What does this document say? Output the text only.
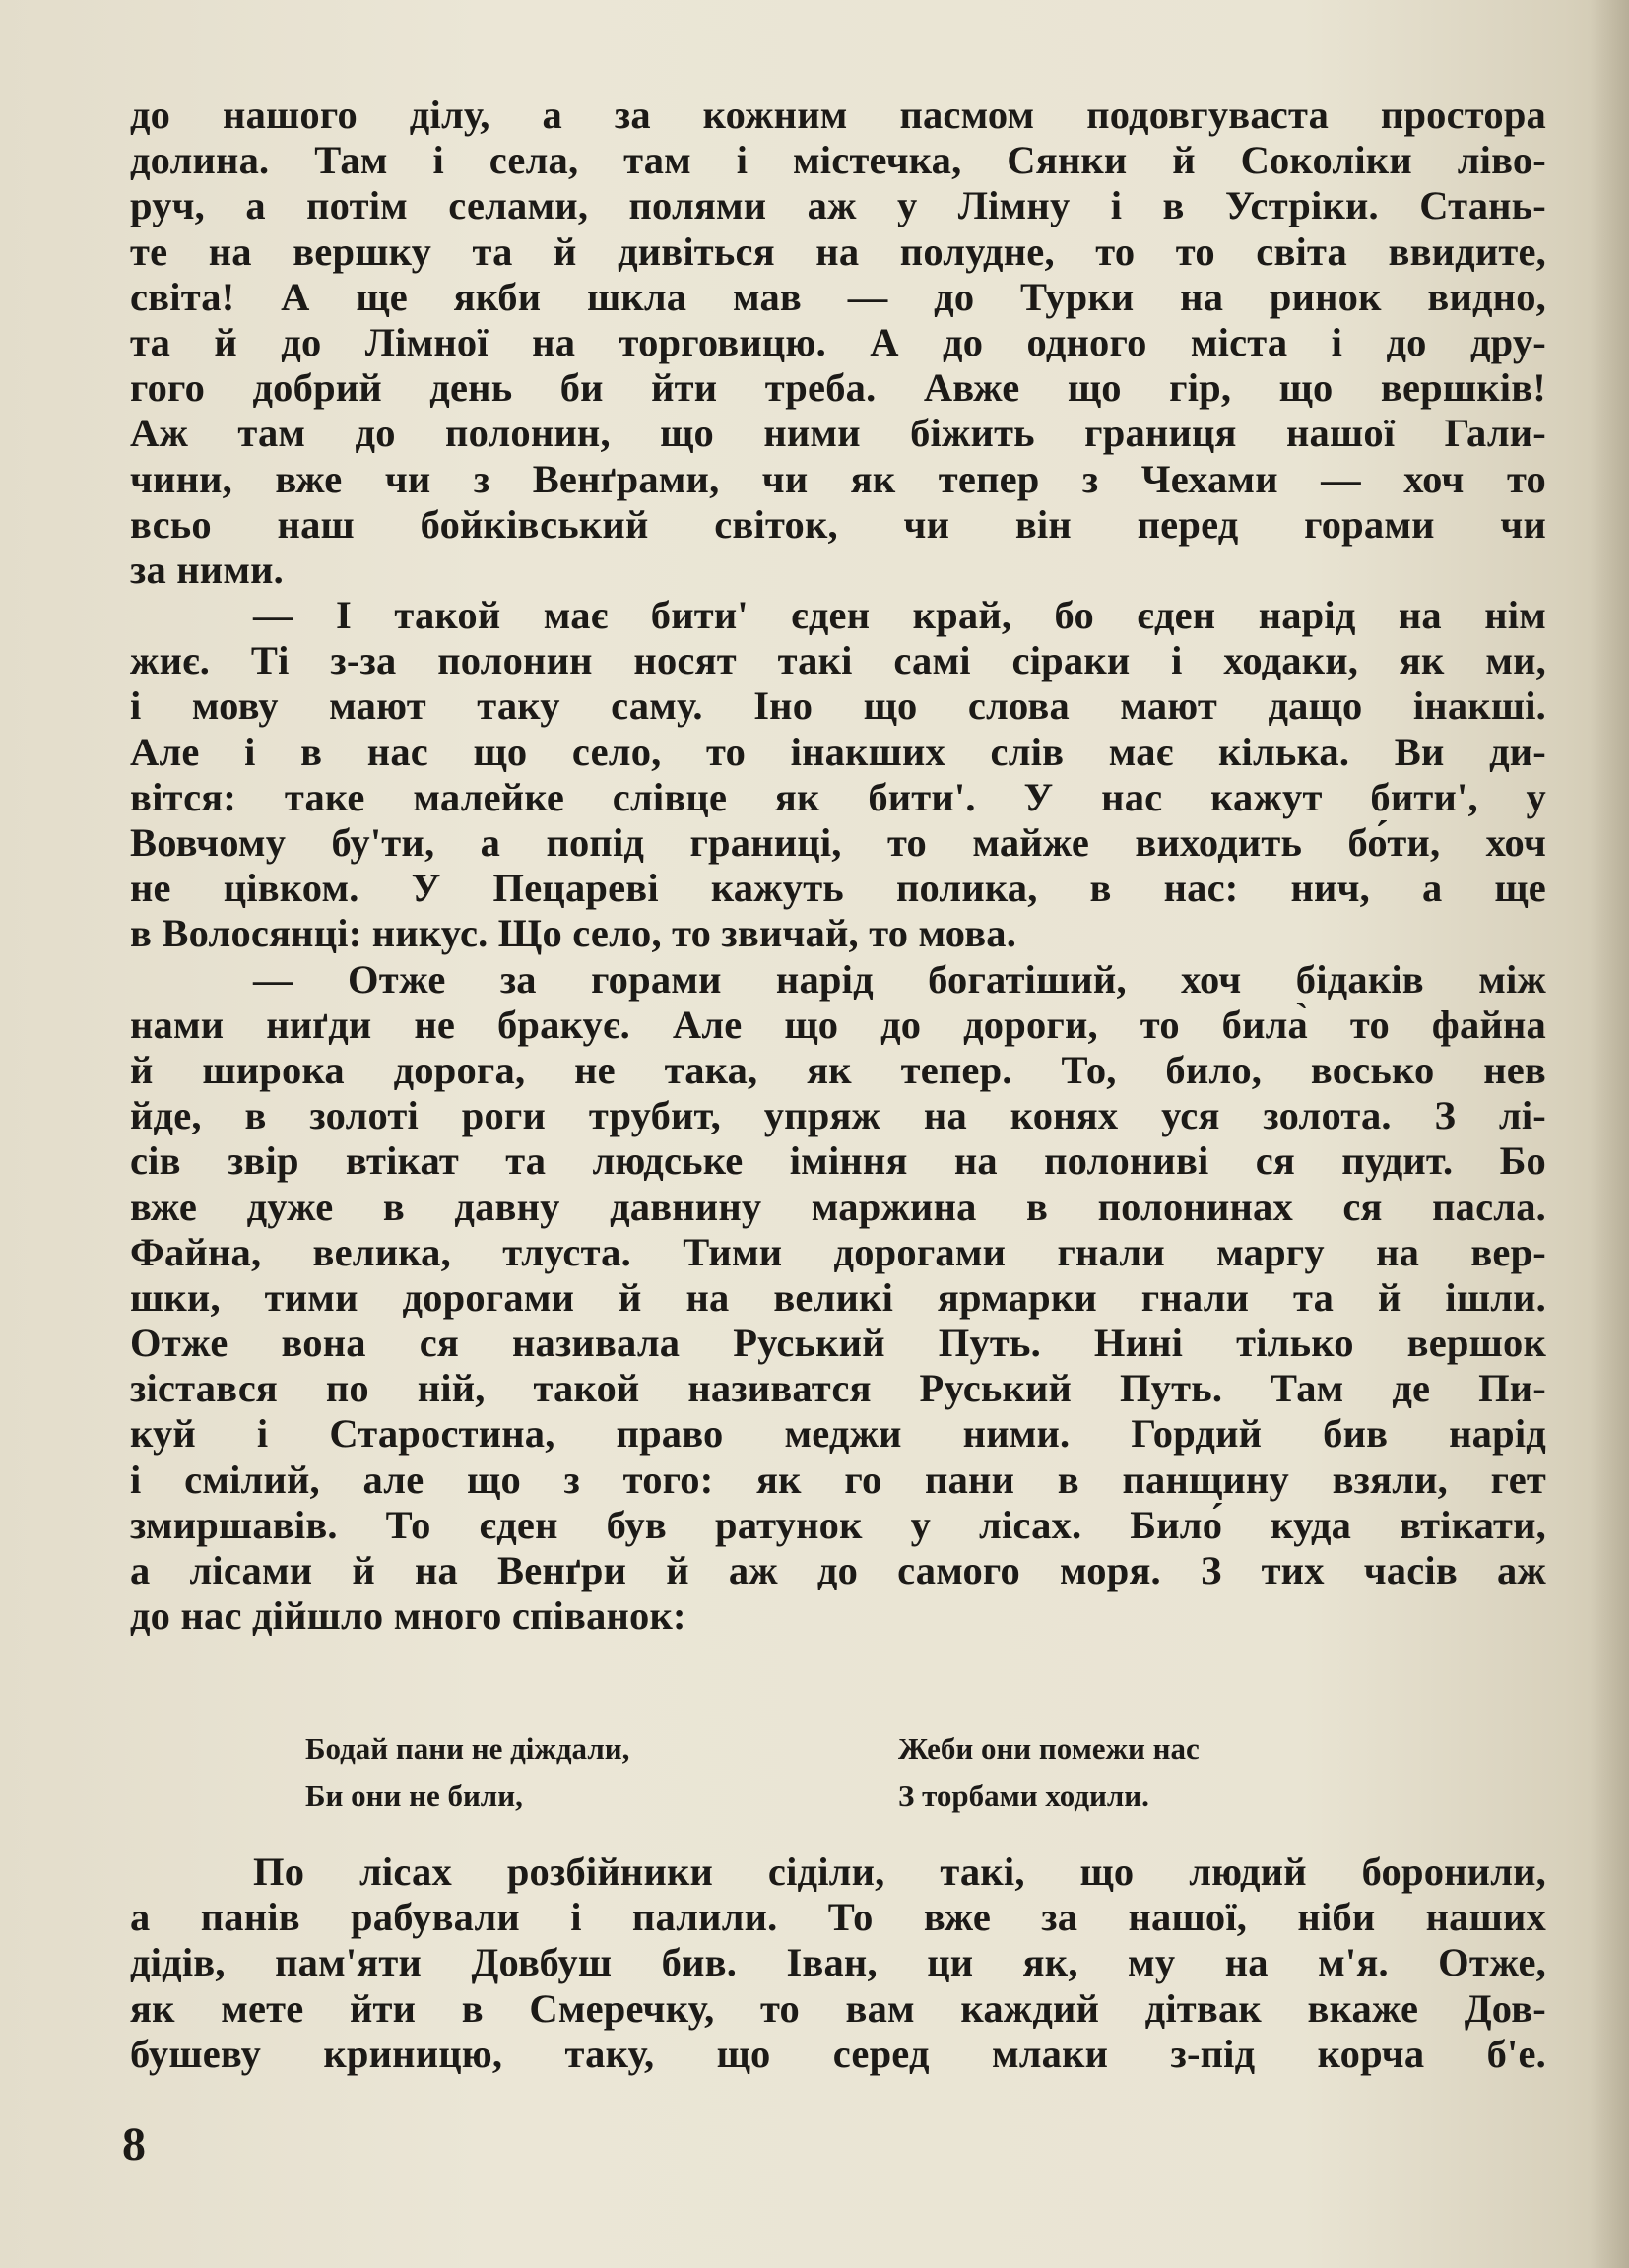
до нашого ділу, а за кожним пасмом подовгуваста простора
долина. Там і села, там і містечка, Сянки й Соколіки ліво-
руч, а потім селами, полями аж у Лімну і в Устріки. Стань-
те на вершку та й дивіться на полудне, то то світа ввидите,
світа! А ще якби шкла мав — до Турки на ринок видно,
та й до Лімної на торговицю. А до одного міста і до дру-
гого добрий день би йти треба. Авже що гір, що вершків!
Аж там до полонин, що ними біжить границя нашої Гали-
чини, вже чи з Венґрами, чи як тепер з Чехами — хоч то
всьо наш бойківський світок, чи він перед горами чи
за ними.
— І такой має бити' єден край, бо єден нарід на нім
жиє. Ті з-за полонин носят такі самі сіраки і ходаки, як ми,
і мову мают таку саму. Іно що слова мают дащо інакші.
Але і в нас що село, то інакших слів має кілька. Ви ди-
вітся: таке малейке слівце як бити'. У нас кажут бити', у
Вовчому бу'ти, а попід границі, то майже виходить бо́ти, хоч
не цівком. У Пецареві кажуть полика, в нас: нич, а ще
в Волосянці: никус. Що село, то звичай, то мова.
— Отже за горами нарід богатіший, хоч бідаків між
нами ниґди не бракує. Але що до дороги, то била̀ то файна
й широка дорога, не така, як тепер. То, било, восько нев
йде, в золоті роги трубит, упряж на конях уся золота. З лі-
сів звір втікат та людське іміння на полониві ся пудит. Бо
вже дуже в давну давнину маржина в полонинах ся пасла.
Файна, велика, тлуста. Тими дорогами гнали маргу на вер-
шки, тими дорогами й на великі ярмарки гнали та й ішли.
Отже вона ся називала Руський Путь. Нині тілько вершок
зістався по ній, такой називатся Руський Путь. Там де Пи-
куй і Старостина, право меджи ними. Гордий бив нарід
і смілий, але що з того: як го пани в панщину взяли, гет
змиршавів. То єден був ратунок у лісах. Било́ куда втікати,
а лісами й на Венґри й аж до самого моря. З тих часів аж
до нас дійшло много співанок:
Бодай пани не діждали,	Жеби они помежи нас
Би они не били,	З торбами ходили.
По лісах розбійники сіділи, такі, що людий боронили,
а панів рабували і палили. То вже за нашої, ніби наших
дідів, пам'яти Довбуш бив. Іван, ци як, му на м'я. Отже,
як мете йти в Смеречку, то вам каждий дітвак вкаже Дов-
бушеву криницю, таку, що серед млаки з-під корча б'е.
8
